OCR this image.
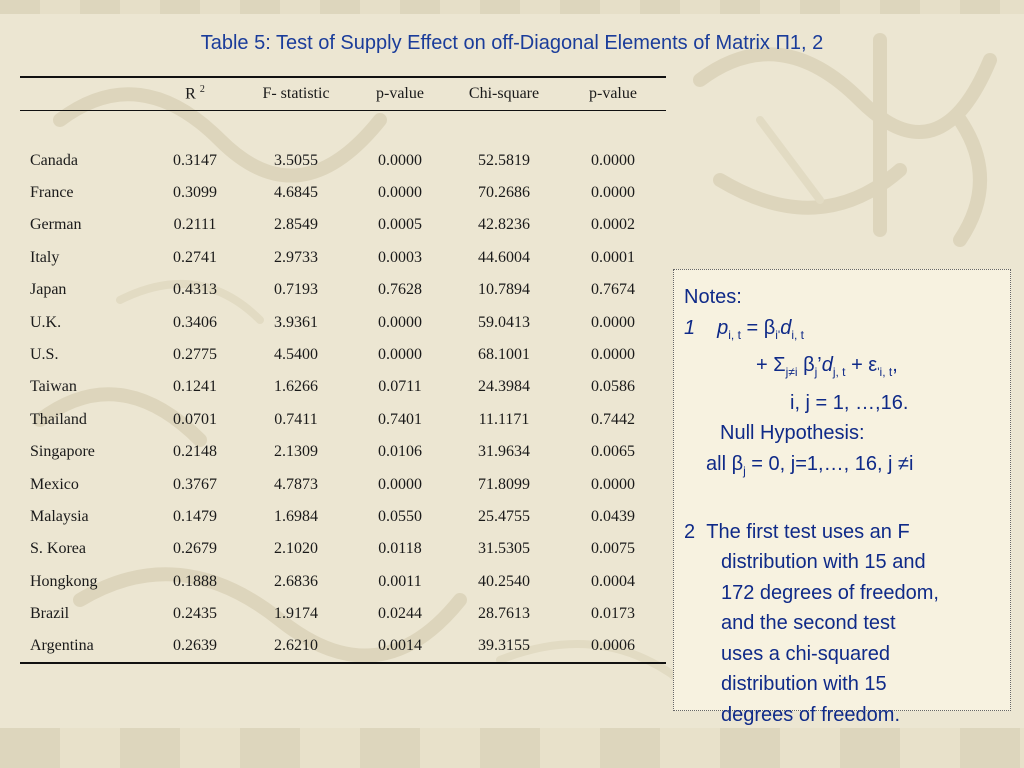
Table 5: Test of Supply Effect on off-Diagonal Elements of Matrix Π1, 2
	R $^2$	F- statistic	p-value	Chi-square	p-value

Canada	0.3147	3.5055	0.0000	52.5819	0.0000
France	0.3099	4.6845	0.0000	70.2686	0.0000
German	0.2111	2.8549	0.0005	42.8236	0.0002
Italy	0.2741	2.9733	0.0003	44.6004	0.0001
Japan	0.4313	0.7193	0.7628	10.7894	0.7674
U.K.	0.3406	3.9361	0.0000	59.0413	0.0000
U.S.	0.2775	4.5400	0.0000	68.1001	0.0000
Taiwan	0.1241	1.6266	0.0711	24.3984	0.0586
Thailand	0.0701	0.7411	0.7401	11.1171	0.7442
Singapore	0.2148	2.1309	0.0106	31.9634	0.0065
Mexico	0.3767	4.7873	0.0000	71.8099	0.0000
Malaysia	0.1479	1.6984	0.0550	25.4755	0.0439
S. Korea	0.2679	2.1020	0.0118	31.5305	0.0075
Hongkong	0.1888	2.6836	0.0011	40.2540	0.0004
Brazil	0.2435	1.9174	0.0244	28.7613	0.0173
Argentina	0.2639	2.6210	0.0014	39.3155	0.0006
Notes:
1 $p_{i, t} = \beta_{i'}d_{i, t}$
+ $\Sigma_{j\ne i}$ $\beta_j’d_{j, t} + \varepsilon_{'i, t}$,
i, j = 1, …,16.
Null Hypothesis:
all $\beta_j = 0$, j=1,…, 16, j ≠i
2 The first test uses an F
distribution with 15 and
172 degrees of freedom,
and the second test
uses a chi-squared
distribution with 15
degrees of freedom.
